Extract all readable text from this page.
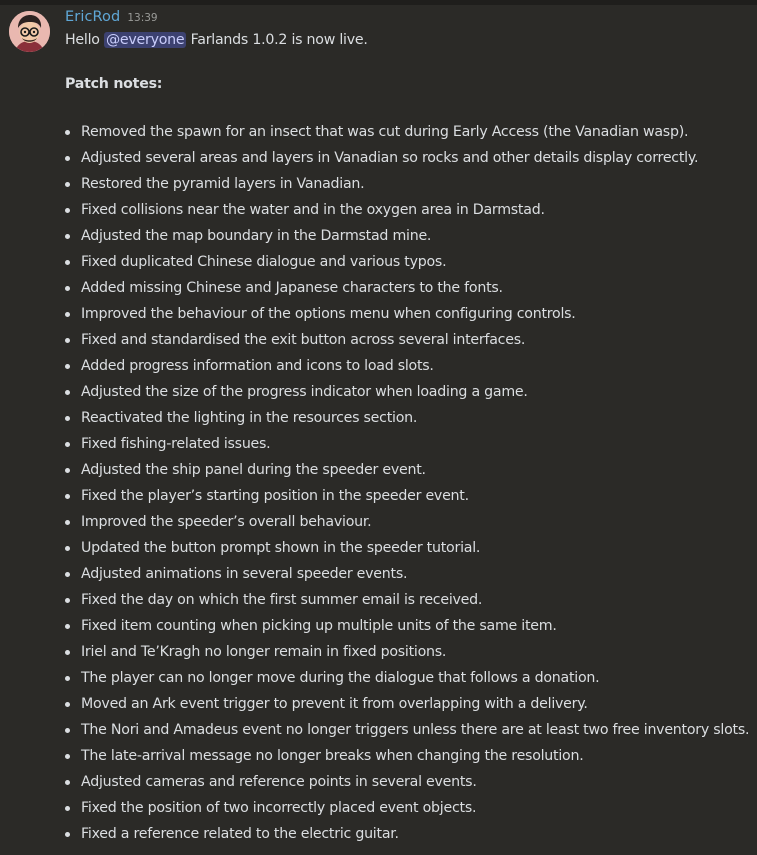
EricRod 13:39
Hello @everyone Farlands 1.0.2 is now live.
Patch notes:
Removed the spawn for an insect that was cut during Early Access (the Vanadian wasp).
Adjusted several areas and layers in Vanadian so rocks and other details display correctly.
Restored the pyramid layers in Vanadian.
Fixed collisions near the water and in the oxygen area in Darmstad.
Adjusted the map boundary in the Darmstad mine.
Fixed duplicated Chinese dialogue and various typos.
Added missing Chinese and Japanese characters to the fonts.
Improved the behaviour of the options menu when configuring controls.
Fixed and standardised the exit button across several interfaces.
Added progress information and icons to load slots.
Adjusted the size of the progress indicator when loading a game.
Reactivated the lighting in the resources section.
Fixed fishing-related issues.
Adjusted the ship panel during the speeder event.
Fixed the player’s starting position in the speeder event.
Improved the speeder’s overall behaviour.
Updated the button prompt shown in the speeder tutorial.
Adjusted animations in several speeder events.
Fixed the day on which the first summer email is received.
Fixed item counting when picking up multiple units of the same item.
Iriel and Te’Kragh no longer remain in fixed positions.
The player can no longer move during the dialogue that follows a donation.
Moved an Ark event trigger to prevent it from overlapping with a delivery.
The Nori and Amadeus event no longer triggers unless there are at least two free inventory slots.
The late-arrival message no longer breaks when changing the resolution.
Adjusted cameras and reference points in several events.
Fixed the position of two incorrectly placed event objects.
Fixed a reference related to the electric guitar.
